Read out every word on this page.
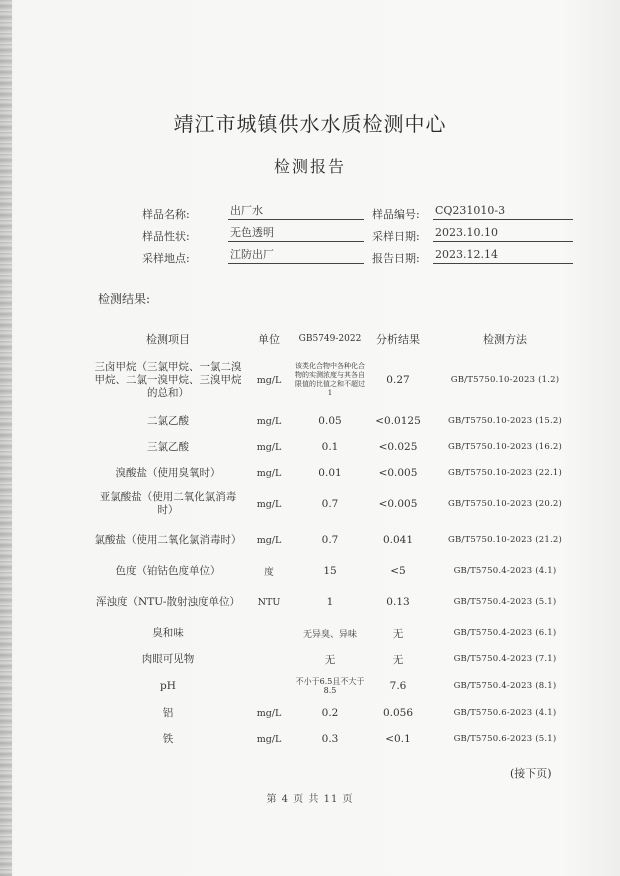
靖江市城镇供水水质检测中心
检测报告
样品名称:	出厂水	样品编号: CQ231010-3
样品性状:	无色透明	采样日期: 2023.10.10
采样地点:	江防出厂	报告日期: 2023.12.14
检测结果:
检测项目	单位	GB5749-2022	分析结果	检测方法
三卤甲烷（三氯甲烷、一氯二溴甲烷、二氯一溴甲烷、三溴甲烷的总和）	mg/L	该类化合物中各种化合物的实测浓度与其各自限值的比值之和不超过1	0.27	GB/T5750.10-2023 (1.2)
二氯乙酸	mg/L	0.05	<0.0125	GB/T5750.10-2023 (15.2)
三氯乙酸	mg/L	0.1	<0.025	GB/T5750.10-2023 (16.2)
溴酸盐（使用臭氧时）	mg/L	0.01	<0.005	GB/T5750.10-2023 (22.1)
亚氯酸盐（使用二氧化氯消毒时）	mg/L	0.7	<0.005	GB/T5750.10-2023 (20.2)
氯酸盐（使用二氧化氯消毒时）	mg/L	0.7	0.041	GB/T5750.10-2023 (21.2)
色度（铂钴色度单位）	度	15	<5	GB/T5750.4-2023 (4.1)
浑浊度（NTU-散射浊度单位）	NTU	1	0.13	GB/T5750.4-2023 (5.1)
臭和味		无异臭、异味	无	GB/T5750.4-2023 (6.1)
肉眼可见物		无	无	GB/T5750.4-2023 (7.1)
pH		不小于6.5且不大于8.5	7.6	GB/T5750.4-2023 (8.1)
铝	mg/L	0.2	0.056	GB/T5750.6-2023 (4.1)
铁	mg/L	0.3	<0.1	GB/T5750.6-2023 (5.1)
(接下页)
第 4 页 共 11 页
